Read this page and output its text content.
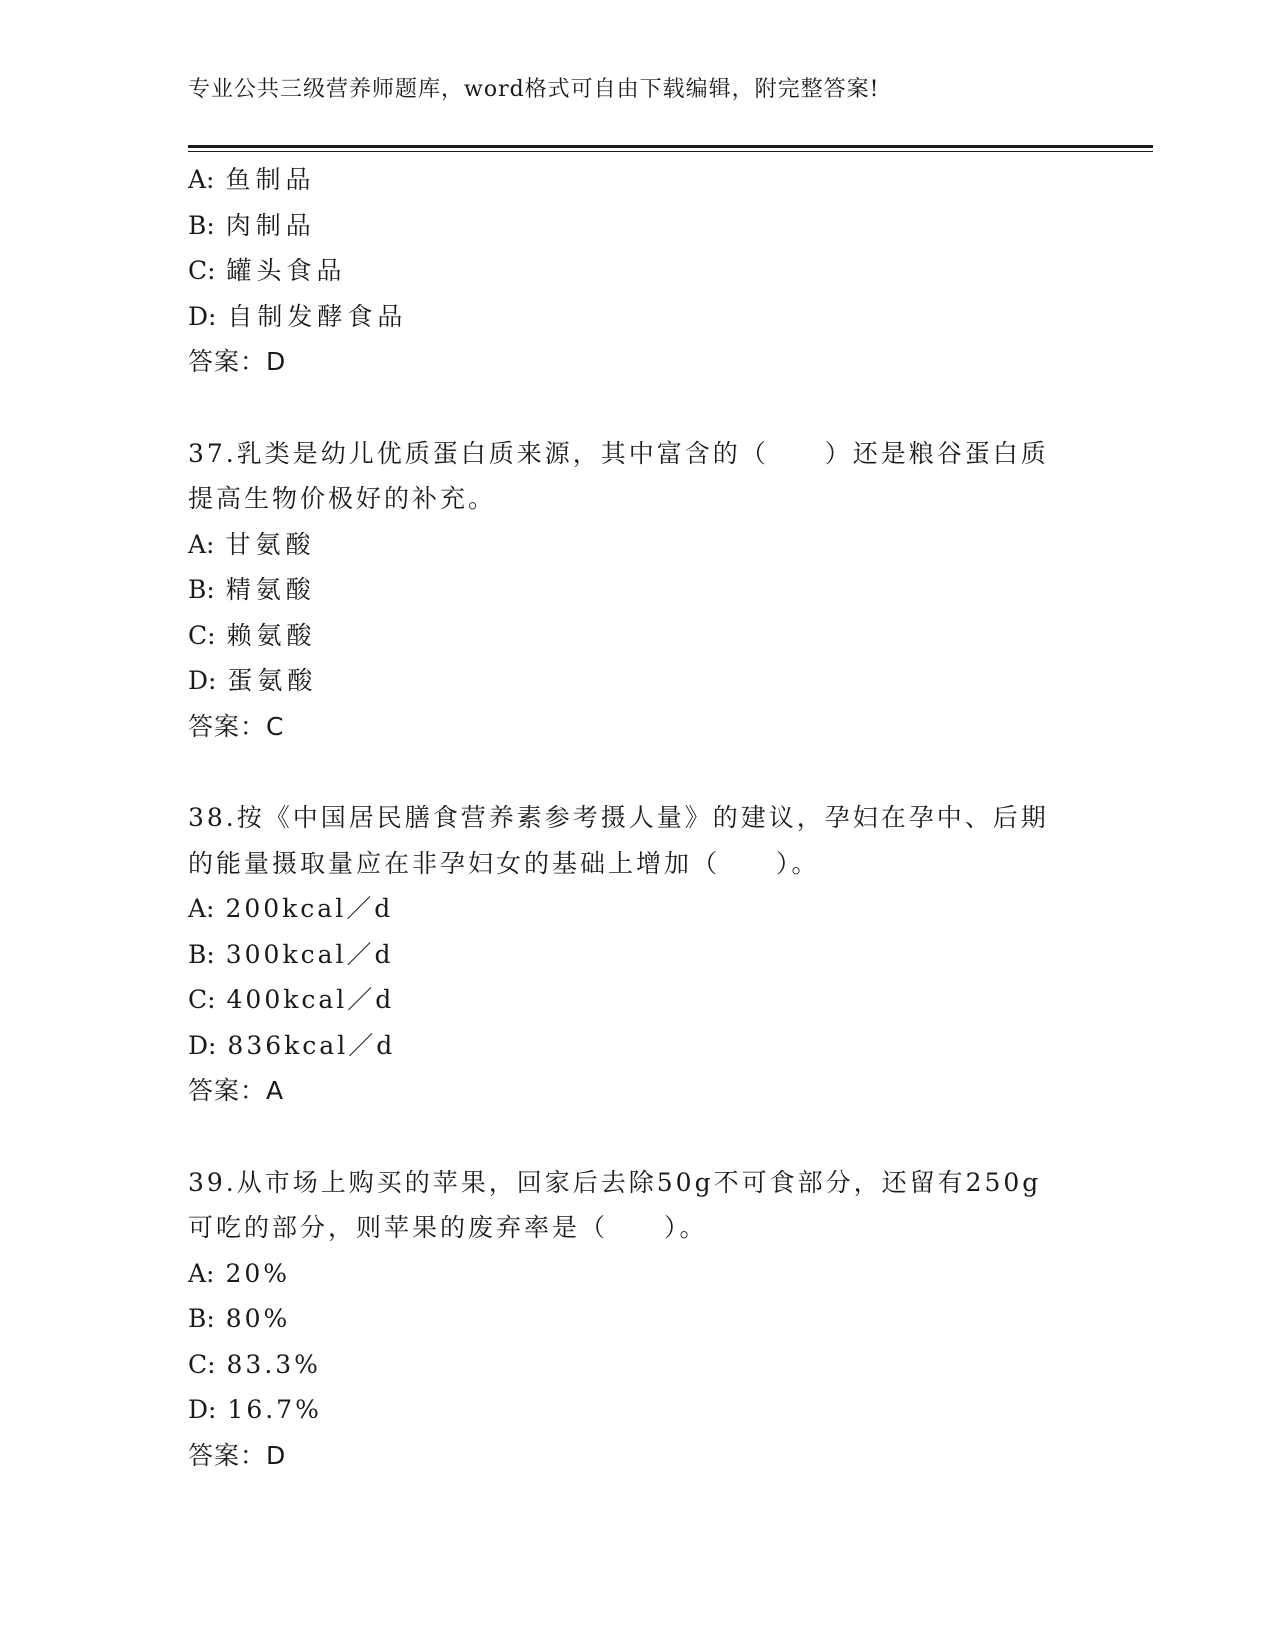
专业公共三级营养师题库，word格式可自由下载编辑，附完整答案!
A: 鱼制品
B: 肉制品
C: 罐头食品
D: 自制发酵食品
答案：D
37.乳类是幼儿优质蛋白质来源，其中富含的（　　）还是粮谷蛋白质
提高生物价极好的补充。
A: 甘氨酸
B: 精氨酸
C: 赖氨酸
D: 蛋氨酸
答案：C
38.按《中国居民膳食营养素参考摄人量》的建议，孕妇在孕中、后期
的能量摄取量应在非孕妇女的基础上增加（　　）。
A: 200kcal／d
B: 300kcal／d
C: 400kcal／d
D: 836kcal／d
答案：A
39.从市场上购买的苹果，回家后去除50g不可食部分，还留有250g
可吃的部分，则苹果的废弃率是（　　）。
A: 20%
B: 80%
C: 83.3%
D: 16.7%
答案：D
